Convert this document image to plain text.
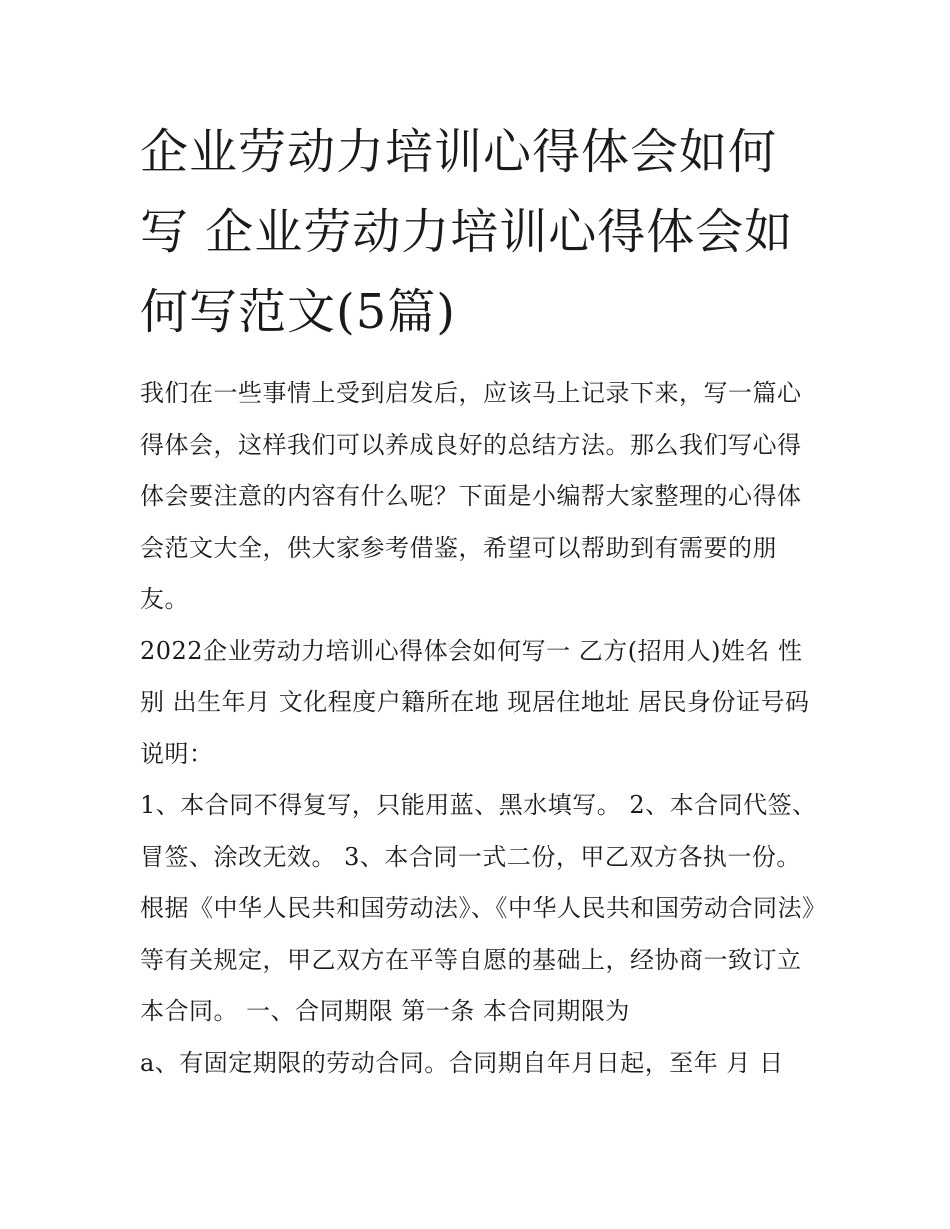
企业劳动力培训心得体会如何写 企业劳动力培训心得体会如何写范文(5篇)

我们在一些事情上受到启发后，应该马上记录下来，写一篇心得体会，这样我们可以养成良好的总结方法。那么我们写心得体会要注意的内容有什么呢？下面是小编帮大家整理的心得体会范文大全，供大家参考借鉴，希望可以帮助到有需要的朋友。

2022企业劳动力培训心得体会如何写一 乙方(招用人)姓名 性别 出生年月 文化程度户籍所在地 现居住地址 居民身份证号码 说明：

1、本合同不得复写，只能用蓝、黑水填写。 2、本合同代签、冒签、涂改无效。 3、本合同一式二份，甲乙双方各执一份。

根据《中华人民共和国劳动法》、《中华人民共和国劳动合同法》等有关规定，甲乙双方在平等自愿的基础上，经协商一致订立本合同。 一、合同期限 第一条 本合同期限为

a、有固定期限的劳动合同。合同期自年月日起，至年 月 日
